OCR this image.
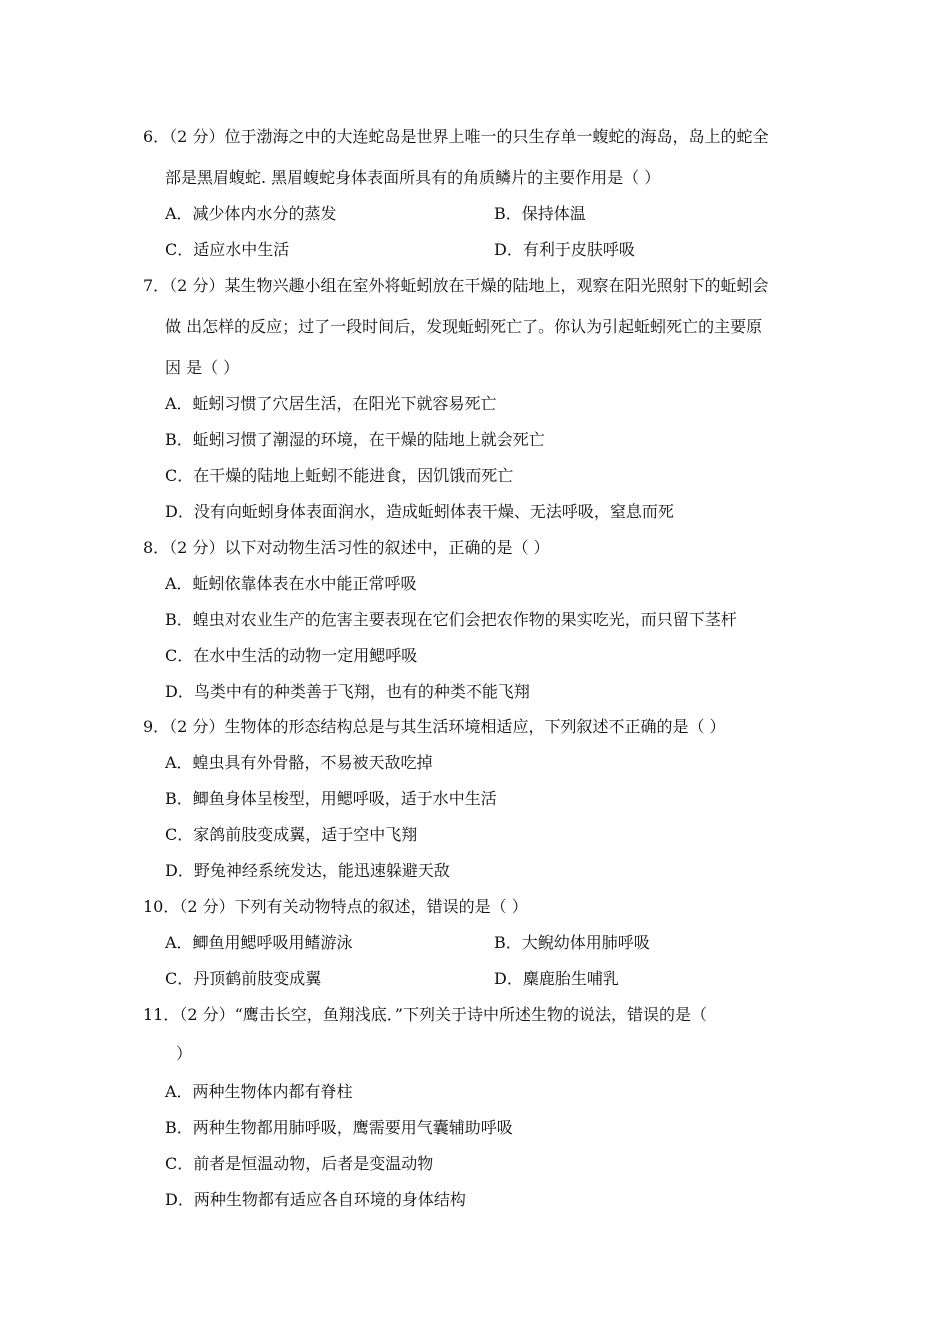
6．（2 分）位于渤海之中的大连蛇岛是世界上唯一的只生存单一蝮蛇的海岛，岛上的蛇全
部是黑眉蝮蛇. 黑眉蝮蛇身体表面所具有的角质鳞片的主要作用是（ ）
A．减少体内水分的蒸发	B．保持体温
C．适应水中生活	D．有利于皮肤呼吸
7．（2 分）某生物兴趣小组在室外将蚯蚓放在干燥的陆地上，观察在阳光照射下的蚯蚓会
做 出怎样的反应；过了一段时间后，发现蚯蚓死亡了。你认为引起蚯蚓死亡的主要原
因 是（ ）
A．蚯蚓习惯了穴居生活，在阳光下就容易死亡
B．蚯蚓习惯了潮湿的环境，在干燥的陆地上就会死亡
C．在干燥的陆地上蚯蚓不能进食，因饥饿而死亡
D．没有向蚯蚓身体表面润水，造成蚯蚓体表干燥、无法呼吸，窒息而死
8．（2 分）以下对动物生活习性的叙述中，正确的是（ ）
A．蚯蚓依靠体表在水中能正常呼吸
B．蝗虫对农业生产的危害主要表现在它们会把农作物的果实吃光，而只留下茎杆
C．在水中生活的动物一定用鳃呼吸
D．鸟类中有的种类善于飞翔，也有的种类不能飞翔
9．（2 分）生物体的形态结构总是与其生活环境相适应，下列叙述不正确的是（ ）
A．蝗虫具有外骨骼，不易被天敌吃掉
B．鲫鱼身体呈梭型，用鳃呼吸，适于水中生活
C．家鸽前肢变成翼，适于空中飞翔
D．野兔神经系统发达，能迅速躲避天敌
10．（2 分）下列有关动物特点的叙述，错误的是（ ）
A．鲫鱼用鳃呼吸用鳍游泳	B．大鲵幼体用肺呼吸
C．丹顶鹤前肢变成翼	D．麋鹿胎生哺乳
11．（2 分）“鹰击长空，鱼翔浅底．”下列关于诗中所述生物的说法，错误的是（
）
A．两种生物体内都有脊柱
B．两种生物都用肺呼吸，鹰需要用气囊辅助呼吸
C．前者是恒温动物，后者是变温动物
D．两种生物都有适应各自环境的身体结构
